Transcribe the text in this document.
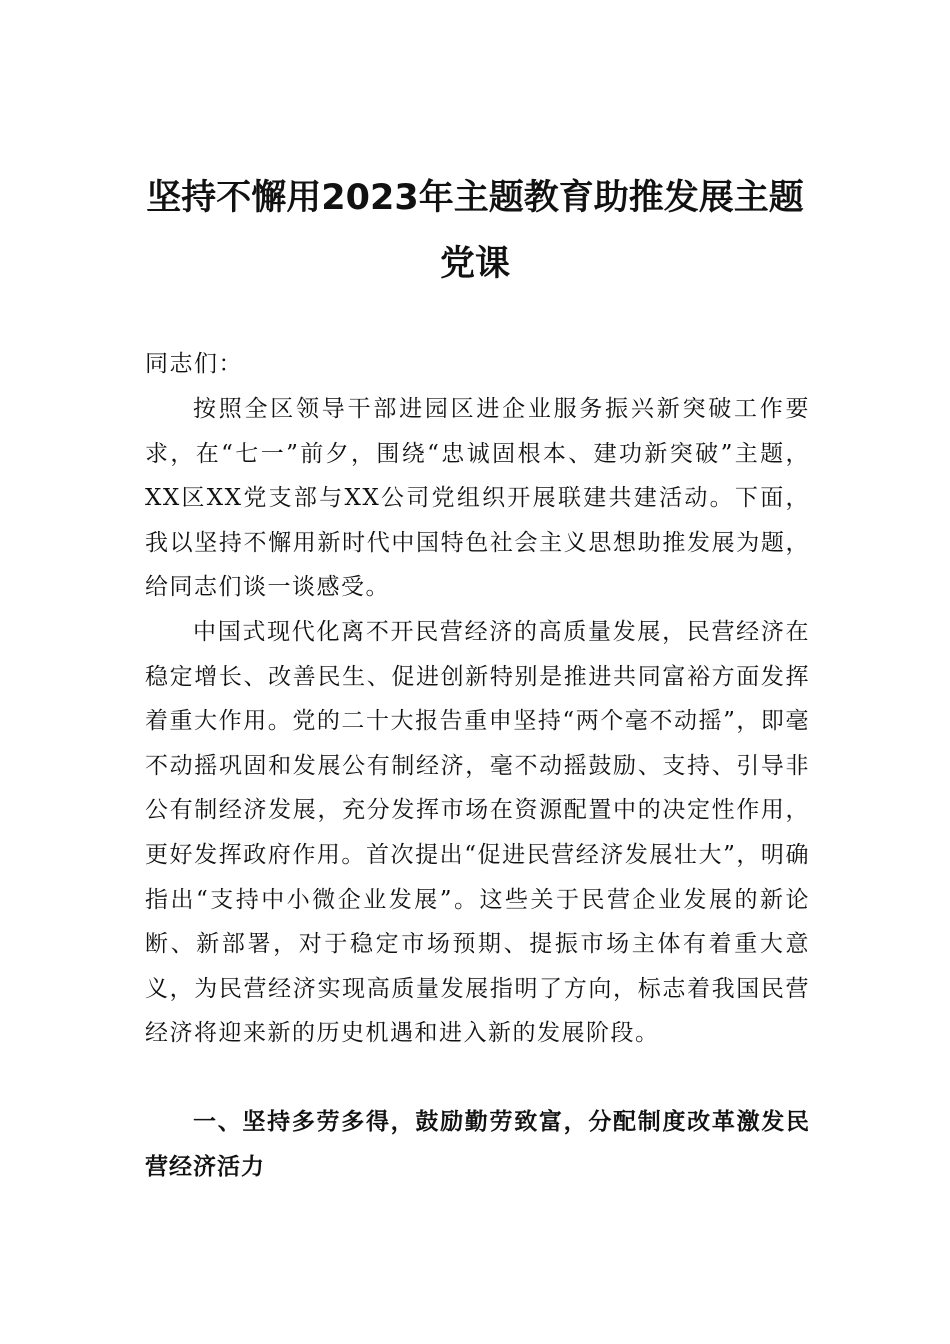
坚持不懈用2023年主题教育助推发展主题
党课
同志们：
按照全区领导干部进园区进企业服务振兴新突破工作要求，在“七一”前夕，围绕“忠诚固根本、建功新突破”主题，XX区XX党支部与XX公司党组织开展联建共建活动。下面，我以坚持不懈用新时代中国特色社会主义思想助推发展为题，给同志们谈一谈感受。
中国式现代化离不开民营经济的高质量发展，民营经济在稳定增长、改善民生、促进创新特别是推进共同富裕方面发挥着重大作用。党的二十大报告重申坚持“两个毫不动摇”，即毫不动摇巩固和发展公有制经济，毫不动摇鼓励、支持、引导非公有制经济发展，充分发挥市场在资源配置中的决定性作用，更好发挥政府作用。首次提出“促进民营经济发展壮大”，明确指出“支持中小微企业发展”。这些关于民营企业发展的新论断、新部署，对于稳定市场预期、提振市场主体有着重大意义，为民营经济实现高质量发展指明了方向，标志着我国民营经济将迎来新的历史机遇和进入新的发展阶段。
一、坚持多劳多得，鼓励勤劳致富，分配制度改革激发民营经济活力
